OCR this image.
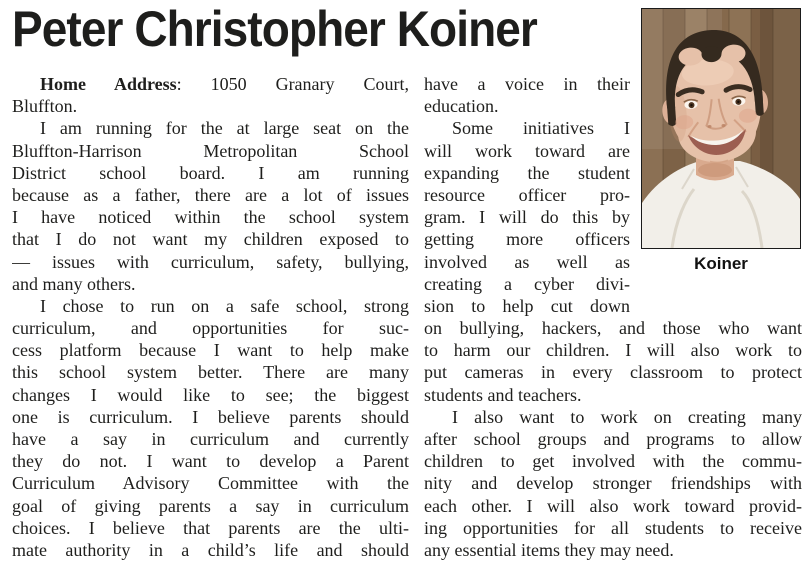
Peter Christopher Koiner
Koiner
Home Address: 1050 Granary Court,
Bluffton.
I am running for the at large seat on the
Bluffton-Harrison Metropolitan School
District school board. I am running
because as a father, there are a lot of issues
I have noticed within the school system
that I do not want my children exposed to
— issues with curriculum, safety, bullying,
and many others.
I chose to run on a safe school, strong
curriculum, and opportunities for suc-
cess platform because I want to help make
this school system better. There are many
changes I would like to see; the biggest
one is curriculum. I believe parents should
have a say in curriculum and currently
they do not. I want to develop a Parent
Curriculum Advisory Committee with the
goal of giving parents a say in curriculum
choices. I believe that parents are the ulti-
mate authority in a child’s life and should
have a voice in their
education.
Some initiatives I
will work toward are
expanding the student
resource officer pro-
gram. I will do this by
getting more officers
involved as well as
creating a cyber divi-
sion to help cut down
on bullying, hackers, and those who want
to harm our children. I will also work to
put cameras in every classroom to protect
students and teachers.
I also want to work on creating many
after school groups and programs to allow
children to get involved with the commu-
nity and develop stronger friendships with
each other. I will also work toward provid-
ing opportunities for all students to receive
any essential items they may need.
